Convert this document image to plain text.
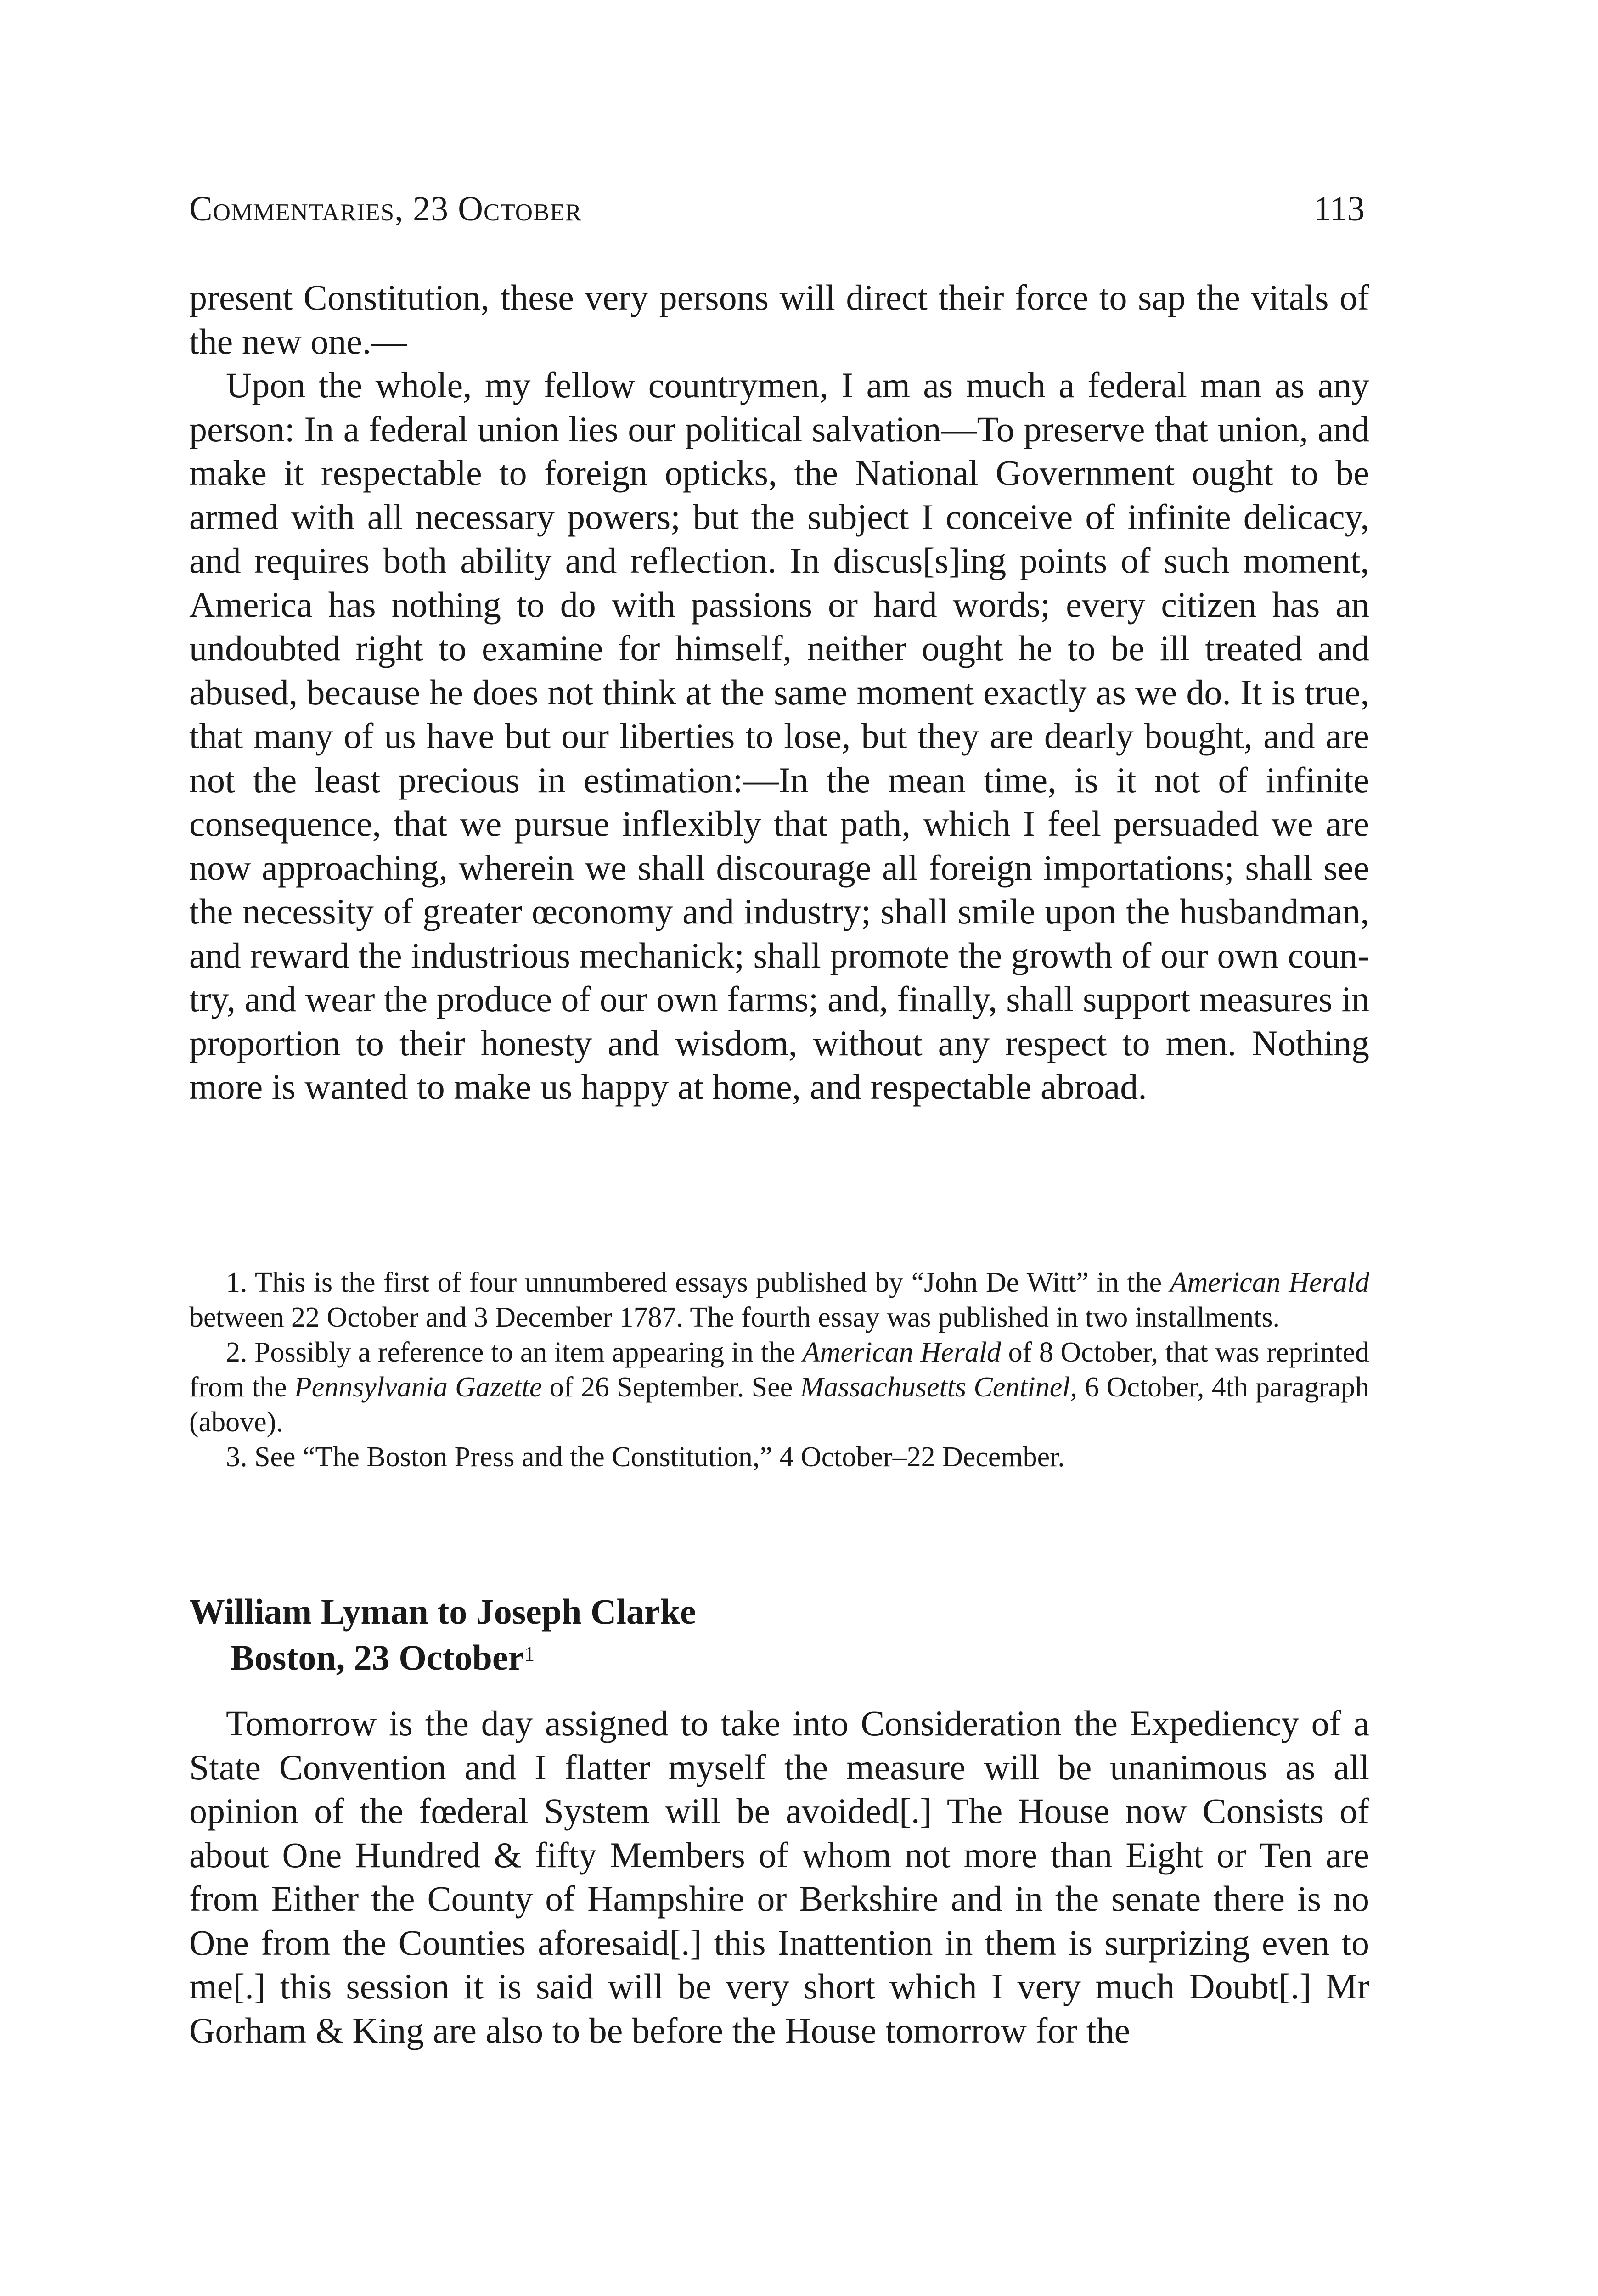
Commentaries, 23 October	113

present Constitution, these very persons will direct their force to sap the vitals of the new one.—

Upon the whole, my fellow countrymen, I am as much a federal man as any person: In a federal union lies our political salvation—To preserve that union, and make it respectable to foreign opticks, the National Government ought to be armed with all necessary powers; but the subject I conceive of infinite delicacy, and requires both ability and reflection. In discus[s]ing points of such moment, America has nothing to do with passions or hard words; every citizen has an undoubted right to examine for himself, neither ought he to be ill treated and abused, because he does not think at the same moment exactly as we do. It is true, that many of us have but our liberties to lose, but they are dearly bought, and are not the least precious in estimation:—In the mean time, is it not of infinite consequence, that we pursue inflexibly that path, which I feel persuaded we are now approaching, wherein we shall discourage all foreign importations; shall see the necessity of greater œconomy and industry; shall smile upon the husbandman, and reward the industrious mechanick; shall promote the growth of our own country, and wear the produce of our own farms; and, finally, shall support measures in proportion to their honesty and wisdom, without any respect to men. Nothing more is wanted to make us happy at home, and respectable abroad.

1. This is the first of four unnumbered essays published by “John De Witt” in the American Herald between 22 October and 3 December 1787. The fourth essay was published in two installments.

2. Possibly a reference to an item appearing in the American Herald of 8 October, that was reprinted from the Pennsylvania Gazette of 26 September. See Massachusetts Centinel, 6 October, 4th paragraph (above).

3. See “The Boston Press and the Constitution,” 4 October–22 December.

William Lyman to Joseph Clarke
Boston, 23 October$^1$

Tomorrow is the day assigned to take into Consideration the Expediency of a State Convention and I flatter myself the measure will be unanimous as all opinion of the fœderal System will be avoided[.] The House now Consists of about One Hundred & fifty Members of whom not more than Eight or Ten are from Either the County of Hampshire or Berkshire and in the senate there is no One from the Counties aforesaid[.] this Inattention in them is surprizing even to me[.] this session it is said will be very short which I very much Doubt[.] Mr Gorham & King are also to be before the House tomorrow for the
